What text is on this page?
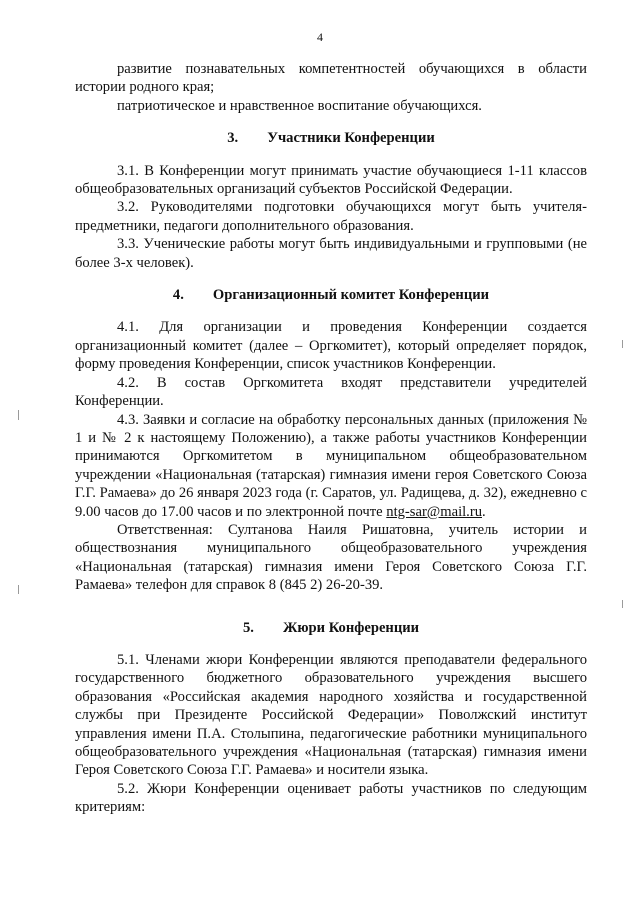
4

развитие познавательных компетентностей обучающихся в области истории родного края;

патриотическое и нравственное воспитание обучающихся.

3. Участники Конференции

3.1. В Конференции могут принимать участие обучающиеся 1-11 классов общеобразовательных организаций субъектов Российской Федерации.

3.2. Руководителями подготовки обучающихся могут быть учителя-предметники, педагоги дополнительного образования.

3.3. Ученические работы могут быть индивидуальными и групповыми (не более 3-х человек).

4. Организационный комитет Конференции

4.1. Для организации и проведения Конференции создается организационный комитет (далее – Оргкомитет), который определяет порядок, форму проведения Конференции, список участников Конференции.

4.2. В состав Оргкомитета входят представители учредителей Конференции.

4.3. Заявки и согласие на обработку персональных данных (приложения № 1 и № 2 к настоящему Положению), а также работы участников Конференции принимаются Оргкомитетом в муниципальном общеобразовательном учреждении «Национальная (татарская) гимназия имени героя Советского Союза Г.Г. Рамаева» до 26 января 2023 года (г. Саратов, ул. Радищева, д. 32), ежедневно с 9.00 часов до 17.00 часов и по электронной почте ntg-sar@mail.ru.

Ответственная: Султанова Наиля Ришатовна, учитель истории и обществознания муниципального общеобразовательного учреждения «Национальная (татарская) гимназия имени Героя Советского Союза Г.Г. Рамаева» телефон для справок 8 (845 2) 26-20-39.

5. Жюри Конференции

5.1. Членами жюри Конференции являются преподаватели федерального государственного бюджетного образовательного учреждения высшего образования «Российская академия народного хозяйства и государственной службы при Президенте Российской Федерации» Поволжский институт управления имени П.А. Столыпина, педагогические работники муниципального общеобразовательного учреждения «Национальная (татарская) гимназия имени Героя Советского Союза Г.Г. Рамаева» и носители языка.

5.2. Жюри Конференции оценивает работы участников по следующим критериям:
